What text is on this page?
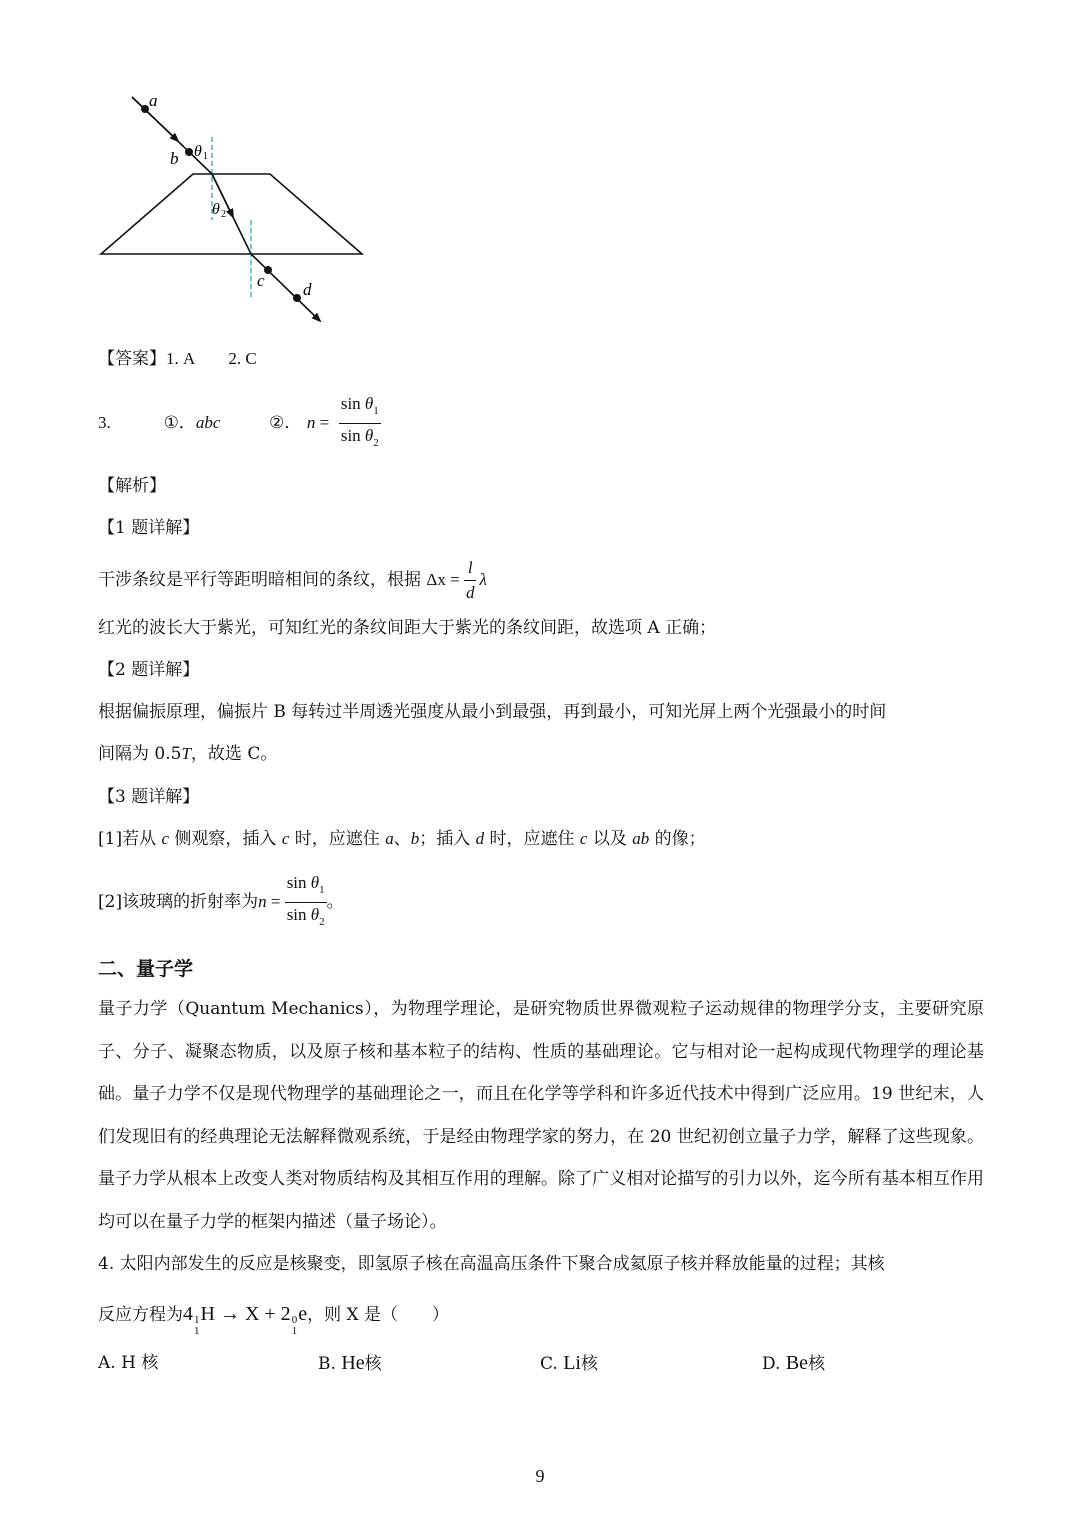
a
b
c d
θ 1
θ 2
【答案】1. A　　2. C
3.	①．abc	②． $n = \frac{\sin \theta_1}{\sin \theta_2}$
【解析】
【1 题详解】
干涉条纹是平行等距明暗相间的条纹，根据 $\Delta x = \frac{l}{d}$ λ
红光的波长大于紫光，可知红光的条纹间距大于紫光的条纹间距，故选项 A 正确；
【2 题详解】
根据偏振原理，偏振片 B 每转过半周透光强度从最小到最强，再到最小，可知光屏上两个光强最小的时间
间隔为 0.5T，故选 C。
【3 题详解】
[1]若从 c 侧观察，插入 c 时，应遮住 a、b；插入 d 时，应遮住 c 以及 ab 的像；
[2]该玻璃的折射率为$n = \frac{\sin \theta_1}{\sin \theta_2}$ 。
二、量子学
量子力学（Quantum Mechanics），为物理学理论，是研究物质世界微观粒子运动规律的物理学分支，主要研究原子、分子、凝聚态物质，以及原子核和基本粒子的结构、性质的基础理论。它与相对论一起构成现代物理学的理论基础。量子力学不仅是现代物理学的基础理论之一，而且在化学等学科和许多近代技术中得到广泛应用。19 世纪末，人们发现旧有的经典理论无法解释微观系统，于是经由物理学家的努力，在 20 世纪初创立量子力学，解释了这些现象。量子力学从根本上改变人类对物质结构及其相互作用的理解。除了广义相对论描写的引力以外，迄今所有基本相互作用均可以在量子力学的框架内描述（量子场论）。
4. 太阳内部发生的反应是核聚变，即氢原子核在高温高压条件下聚合成氦原子核并释放能量的过程；其核
反应方程为4 1
1
H → X + 2 0
1
e，则 X 是（　　）
A. H 核	B. He核	C. Li核	D. Be核
9
